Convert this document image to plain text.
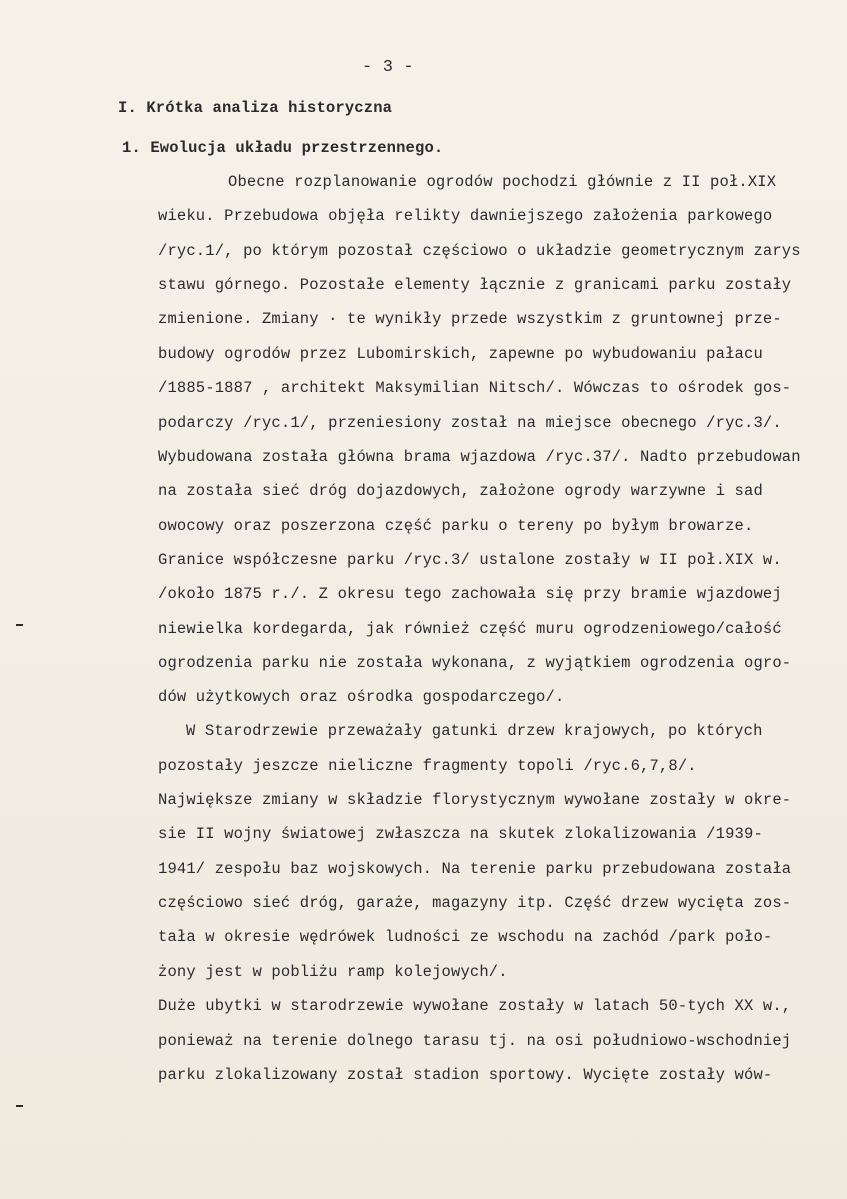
- 3 -
I. Krótka analiza historyczna
1. Ewolucja układu przestrzennego.
Obecne rozplanowanie ogrodów pochodzi głównie z II poł.XIX
wieku. Przebudowa objęła relikty dawniejszego założenia parkowego
/ryc.1/, po którym pozostał częściowo o układzie geometrycznym zarys
stawu górnego. Pozostałe elementy łącznie z granicami parku zostały
zmienione. Zmiany · te wynikły przede wszystkim z gruntownej prze-
budowy ogrodów przez Lubomirskich, zapewne po wybudowaniu pałacu
/1885-1887 , architekt Maksymilian Nitsch/. Wówczas to ośrodek gos-
podarczy /ryc.1/, przeniesiony został na miejsce obecnego /ryc.3/.
Wybudowana została główna brama wjazdowa /ryc.37/. Nadto przebudowan
na została sieć dróg dojazdowych, założone ogrody warzywne i sad
owocowy oraz poszerzona część parku o tereny po byłym browarze.
Granice współczesne parku /ryc.3/ ustalone zostały w II poł.XIX w.
/około 1875 r./. Z okresu tego zachowała się przy bramie wjazdowej
niewielka kordegarda, jak również część muru ogrodzeniowego/całość
ogrodzenia parku nie została wykonana, z wyjątkiem ogrodzenia ogro-
dów użytkowych oraz ośrodka gospodarczego/.
W Starodrzewie przeważały gatunki drzew krajowych, po których
pozostały jeszcze nieliczne fragmenty topoli /ryc.6,7,8/.
Największe zmiany w składzie florystycznym wywołane zostały w okre-
sie II wojny światowej zwłaszcza na skutek zlokalizowania /1939-
1941/ zespołu baz wojskowych. Na terenie parku przebudowana została
częściowo sieć dróg, garaże, magazyny itp. Część drzew wycięta zos-
tała w okresie wędrówek ludności ze wschodu na zachód /park poło-
żony jest w pobliżu ramp kolejowych/.
Duże ubytki w starodrzewie wywołane zostały w latach 50-tych XX w.,
ponieważ na terenie dolnego tarasu tj. na osi południowo-wschodniej
parku zlokalizowany został stadion sportowy. Wycięte zostały wów-
